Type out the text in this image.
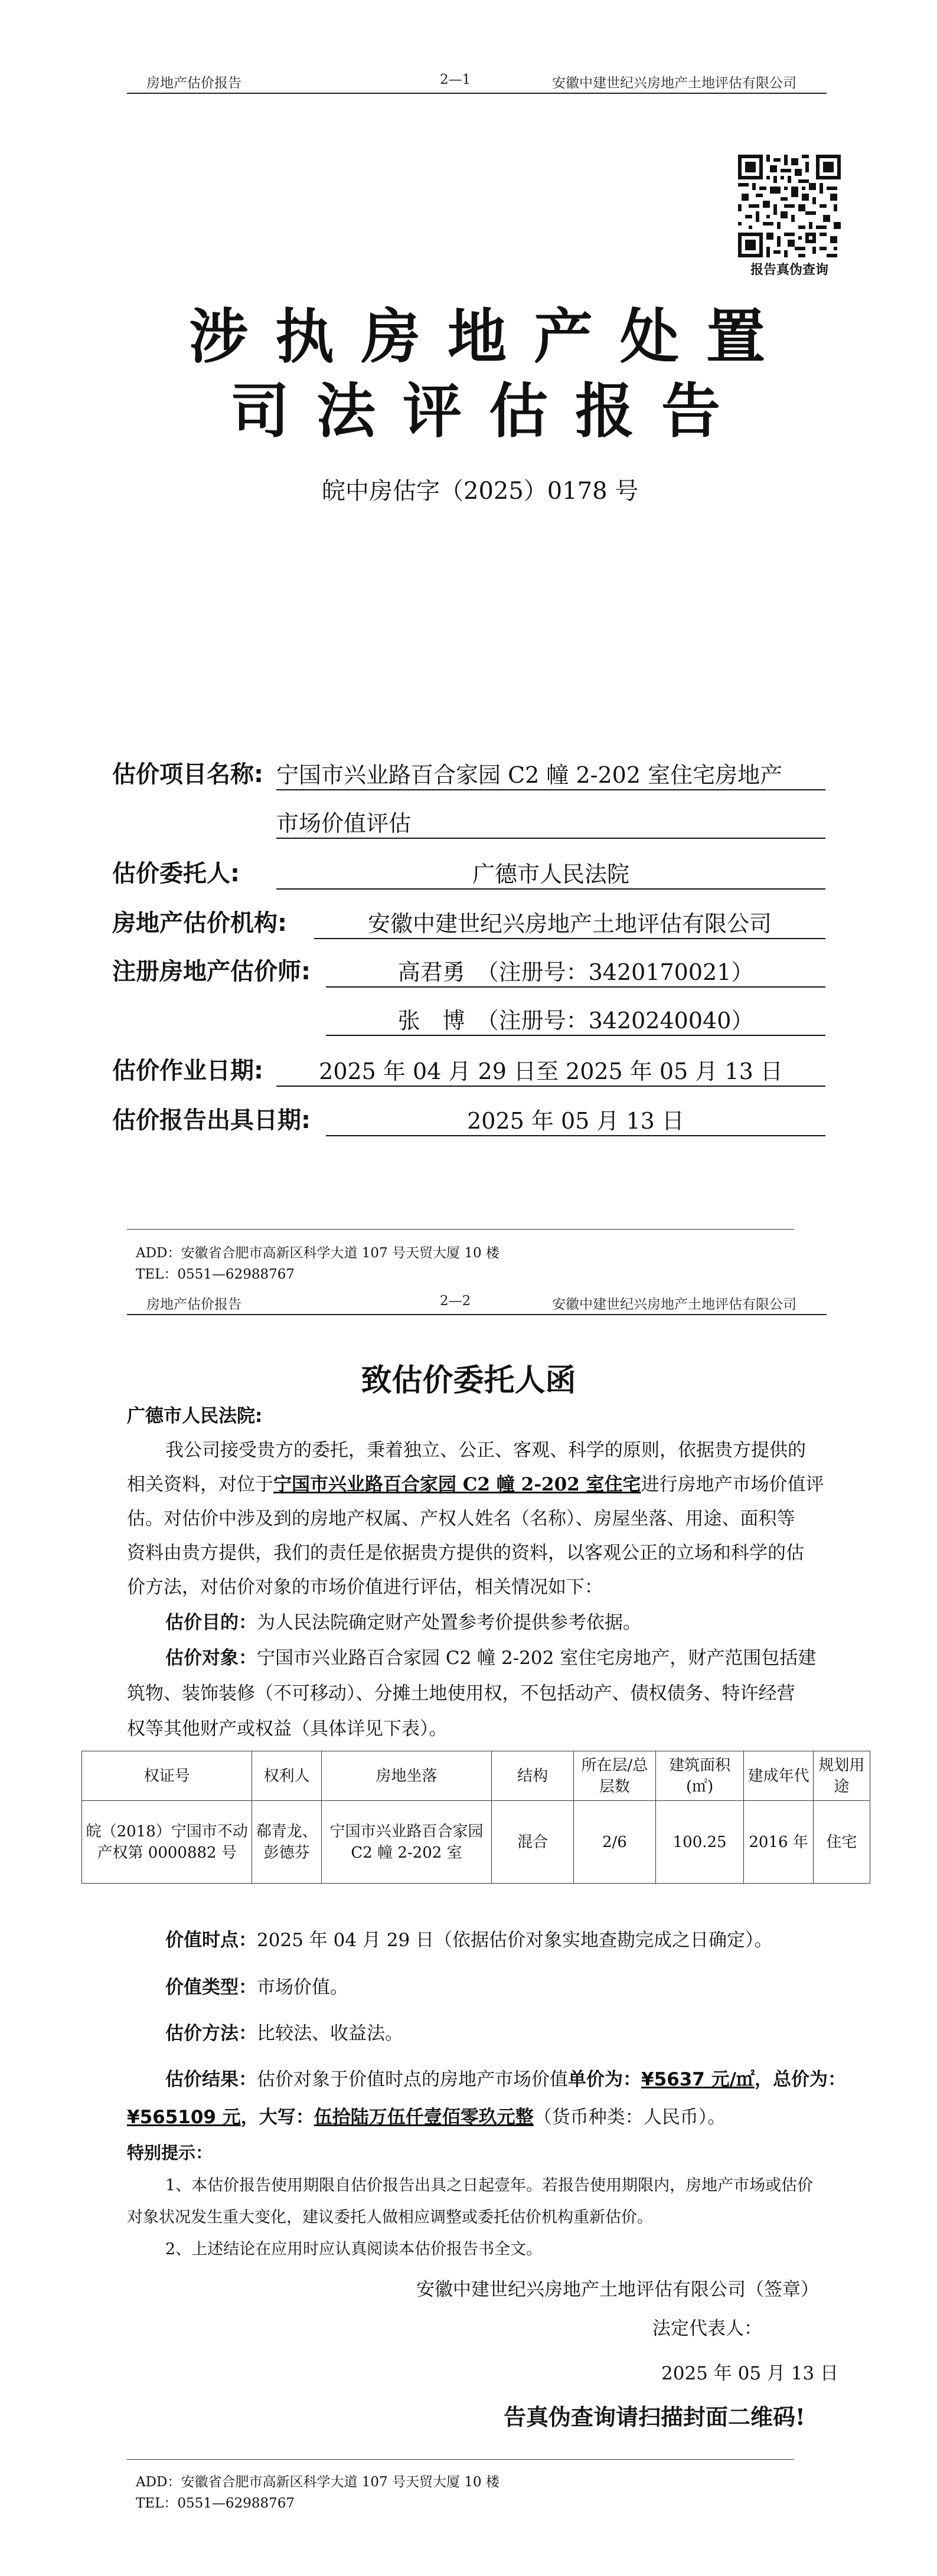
房地产估价报告	2—1	安徽中建世纪兴房地产土地评估有限公司
报告真伪查询
涉执房地产处置
司法评估报告
皖中房估字（2025）0178 号
估价项目名称: 宁国市兴业路百合家园 C2 幢 2-202 室住宅房地产
市场价值评估
估价委托人:	广德市人民法院
房地产估价机构:	安徽中建世纪兴房地产土地评估有限公司
注册房地产估价师:	高君勇　（注册号：3420170021）
张　博　（注册号：3420240040）
估价作业日期:	2025 年 04 月 29 日至 2025 年 05 月 13 日
估价报告出具日期:	2025 年 05 月 13 日
ADD：安徽省合肥市高新区科学大道 107 号天贸大厦 10 楼
TEL：0551—62988767
房地产估价报告	2—2	安徽中建世纪兴房地产土地评估有限公司
致估价委托人函
广德市人民法院:
我公司接受贵方的委托，秉着独立、公正、客观、科学的原则，依据贵方提供的
相关资料，对位于宁国市兴业路百合家园 C2 幢 2-202 室住宅进行房地产市场价值评
估。对估价中涉及到的房地产权属、产权人姓名（名称）、房屋坐落、用途、面积等
资料由贵方提供，我们的责任是依据贵方提供的资料，以客观公正的立场和科学的估
价方法，对估价对象的市场价值进行评估，相关情况如下：
估价目的：为人民法院确定财产处置参考价提供参考依据。
估价对象：宁国市兴业路百合家园 C2 幢 2-202 室住宅房地产，财产范围包括建
筑物、装饰装修（不可移动）、分摊土地使用权，不包括动产、债权债务、特许经营
权等其他财产或权益（具体详见下表）。
权证号	权利人	房地坐落	结构	所在层/总层数	建筑面积(㎡)	建成年代	规划用途
皖（2018）宁国市不动产权第 0000882 号	郗青龙、彭德芬	宁国市兴业路百合家园 C2 幢 2-202 室	混合	2/6	100.25	2016 年	住宅
价值时点：2025 年 04 月 29 日（依据估价对象实地查勘完成之日确定）。
价值类型：市场价值。
估价方法：比较法、收益法。
估价结果：估价对象于价值时点的房地产市场价值单价为：¥5637 元/㎡，总价为：
¥565109 元，大写：伍拾陆万伍仟壹佰零玖元整（货币种类：人民币）。
特别提示：
1、本估价报告使用期限自估价报告出具之日起壹年。若报告使用期限内，房地产市场或估价
对象状况发生重大变化，建议委托人做相应调整或委托估价机构重新估价。
2、上述结论在应用时应认真阅读本估价报告书全文。
安徽中建世纪兴房地产土地评估有限公司（签章）
法定代表人：
2025 年 05 月 13 日
告真伪查询请扫描封面二维码!
ADD：安徽省合肥市高新区科学大道 107 号天贸大厦 10 楼
TEL：0551—62988767
